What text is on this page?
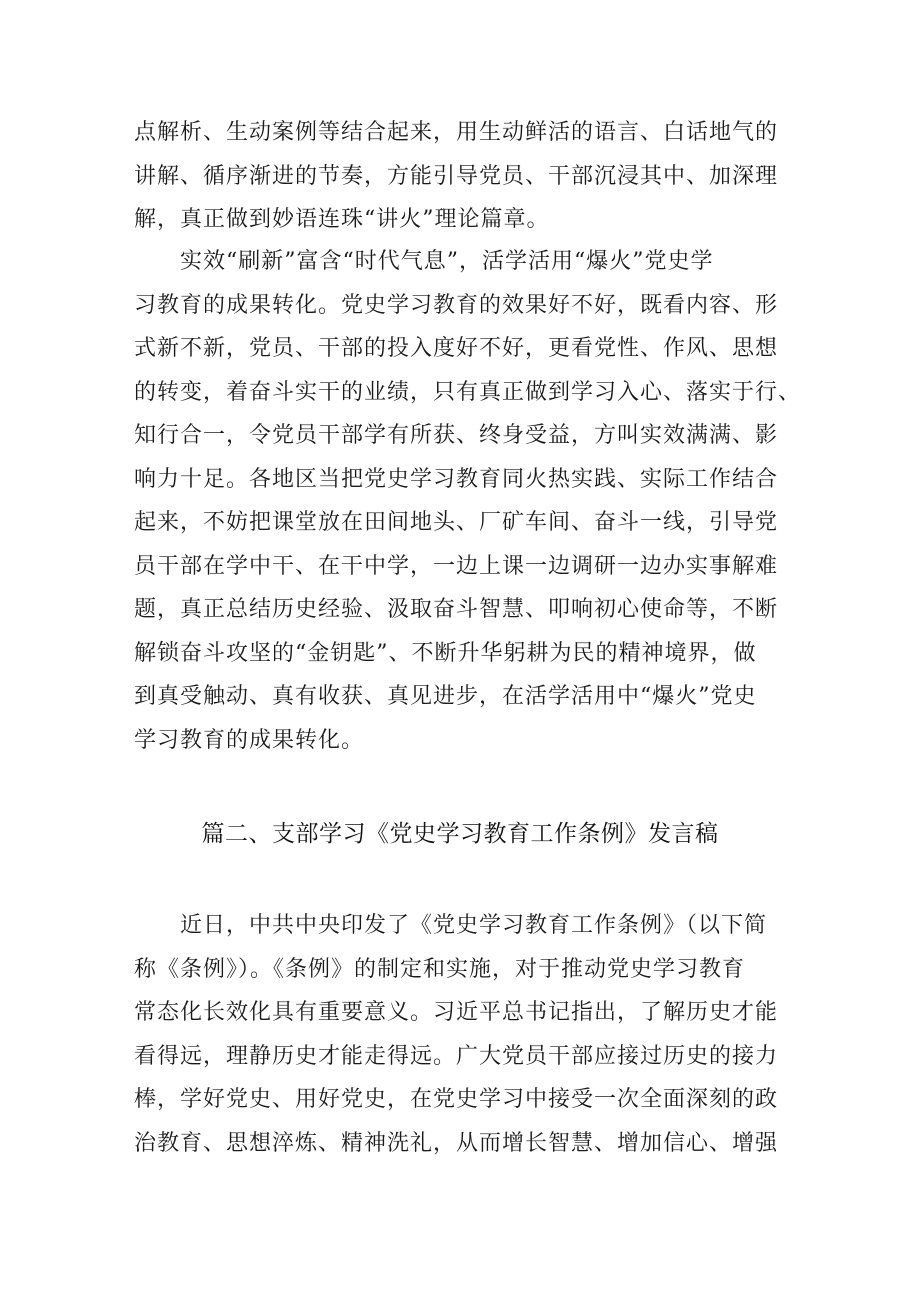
点解析、生动案例等结合起来，用生动鲜活的语言、白话地气的
讲解、循序渐进的节奏，方能引导党员、干部沉浸其中、加深理
解，真正做到妙语连珠“讲火”理论篇章。
实效“刷新”富含“时代气息”，活学活用“爆火”党史学
习教育的成果转化。党史学习教育的效果好不好，既看内容、形
式新不新，党员、干部的投入度好不好，更看党性、作风、思想
的转变，着奋斗实干的业绩，只有真正做到学习入心、落实于行、
知行合一，令党员干部学有所获、终身受益，方叫实效满满、影
响力十足。各地区当把党史学习教育同火热实践、实际工作结合
起来，不妨把课堂放在田间地头、厂矿车间、奋斗一线，引导党
员干部在学中干、在干中学，一边上课一边调研一边办实事解难
题，真正总结历史经验、汲取奋斗智慧、叩响初心使命等，不断
解锁奋斗攻坚的“金钥匙”、不断升华躬耕为民的精神境界，做
到真受触动、真有收获、真见进步，在活学活用中“爆火”党史
学习教育的成果转化。
篇二、支部学习《党史学习教育工作条例》发言稿
近日，中共中央印发了《党史学习教育工作条例》（以下简
称《条例》）。《条例》的制定和实施，对于推动党史学习教育
常态化长效化具有重要意义。习近平总书记指出，了解历史才能
看得远，理静历史才能走得远。广大党员干部应接过历史的接力
棒，学好党史、用好党史，在党史学习中接受一次全面深刻的政
治教育、思想淬炼、精神洗礼，从而增长智慧、增加信心、增强
